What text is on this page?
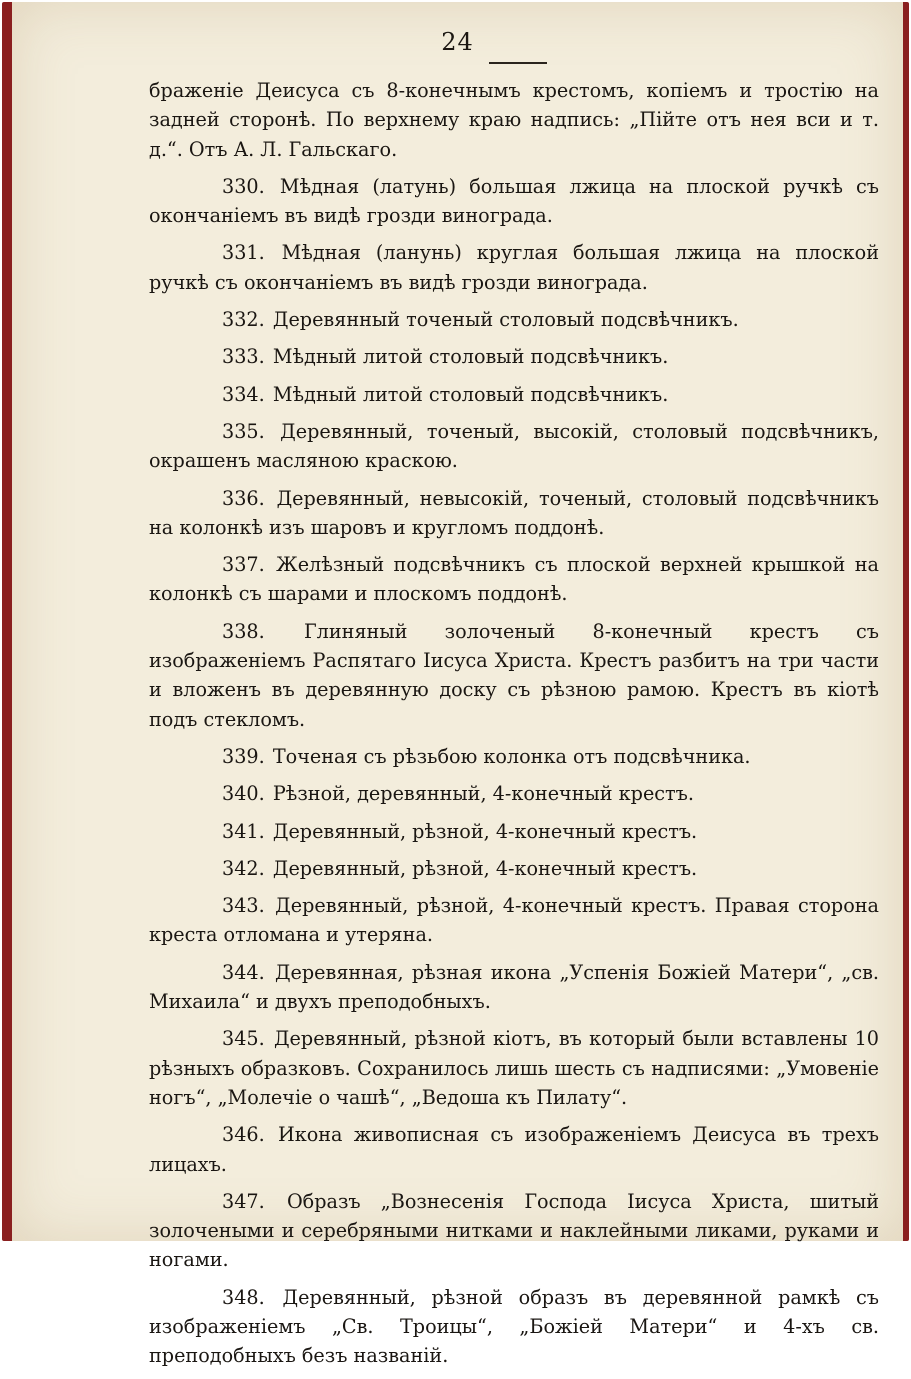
24

браженіе Деисуса съ 8-конечнымъ крестомъ, копіемъ и тростію на задней сторонѣ. По верхнему краю надпись: „Пійте отъ нея вси и т. д.“. Отъ А. Л. Гальскаго.

330. Мѣдная (латунь) большая лжица на плоской ручкѣ съ окончаніемъ въ видѣ грозди винограда.

331. Мѣдная (ланунь) круглая большая лжица на плоской ручкѣ съ окончаніемъ въ видѣ грозди винограда.

332. Деревянный точеный столовый подсвѣчникъ.

333. Мѣдный литой столовый подсвѣчникъ.

334. Мѣдный литой столовый подсвѣчникъ.

335. Деревянный, точеный, высокій, столовый подсвѣчникъ, окрашенъ масляною краскою.

336. Деревянный, невысокій, точеный, столовый подсвѣчникъ на колонкѣ изъ шаровъ и кругломъ поддонѣ.

337. Желѣзный подсвѣчникъ съ плоской верхней крышкой на колонкѣ съ шарами и плоскомъ поддонѣ.

338. Глиняный золоченый 8-конечный крестъ съ изображеніемъ Распятаго Іисуса Христа. Крестъ разбитъ на три части и вложенъ въ деревянную доску съ рѣзною рамою. Крестъ въ кіотѣ подъ стекломъ.

339. Точеная съ рѣзьбою колонка отъ подсвѣчника.

340. Рѣзной, деревянный, 4-конечный крестъ.

341. Деревянный, рѣзной, 4-конечный крестъ.

342. Деревянный, рѣзной, 4-конечный крестъ.

343. Деревянный, рѣзной, 4-конечный крестъ. Правая сторона креста отломана и утеряна.

344. Деревянная, рѣзная икона „Успенія Божіей Матери“, „св. Михаила“ и двухъ преподобныхъ.

345. Деревянный, рѣзной кіотъ, въ который были вставлены 10 рѣзныхъ образковъ. Сохранилось лишь шесть съ надписями: „Умовеніе ногъ“, „Молечіе о чашѣ“, „Ведоша къ Пилату“.

346. Икона живописная съ изображеніемъ Деисуса въ трехъ лицахъ.

347. Образъ „Вознесенія Господа Іисуса Христа, шитый золочеными и серебряными нитками и наклейными ликами, руками и ногами.

348. Деревянный, рѣзной образъ въ деревянной рамкѣ съ изображеніемъ „Св. Троицы“, „Божіей Матери“ и 4-хъ св. преподобныхъ безъ названій.
